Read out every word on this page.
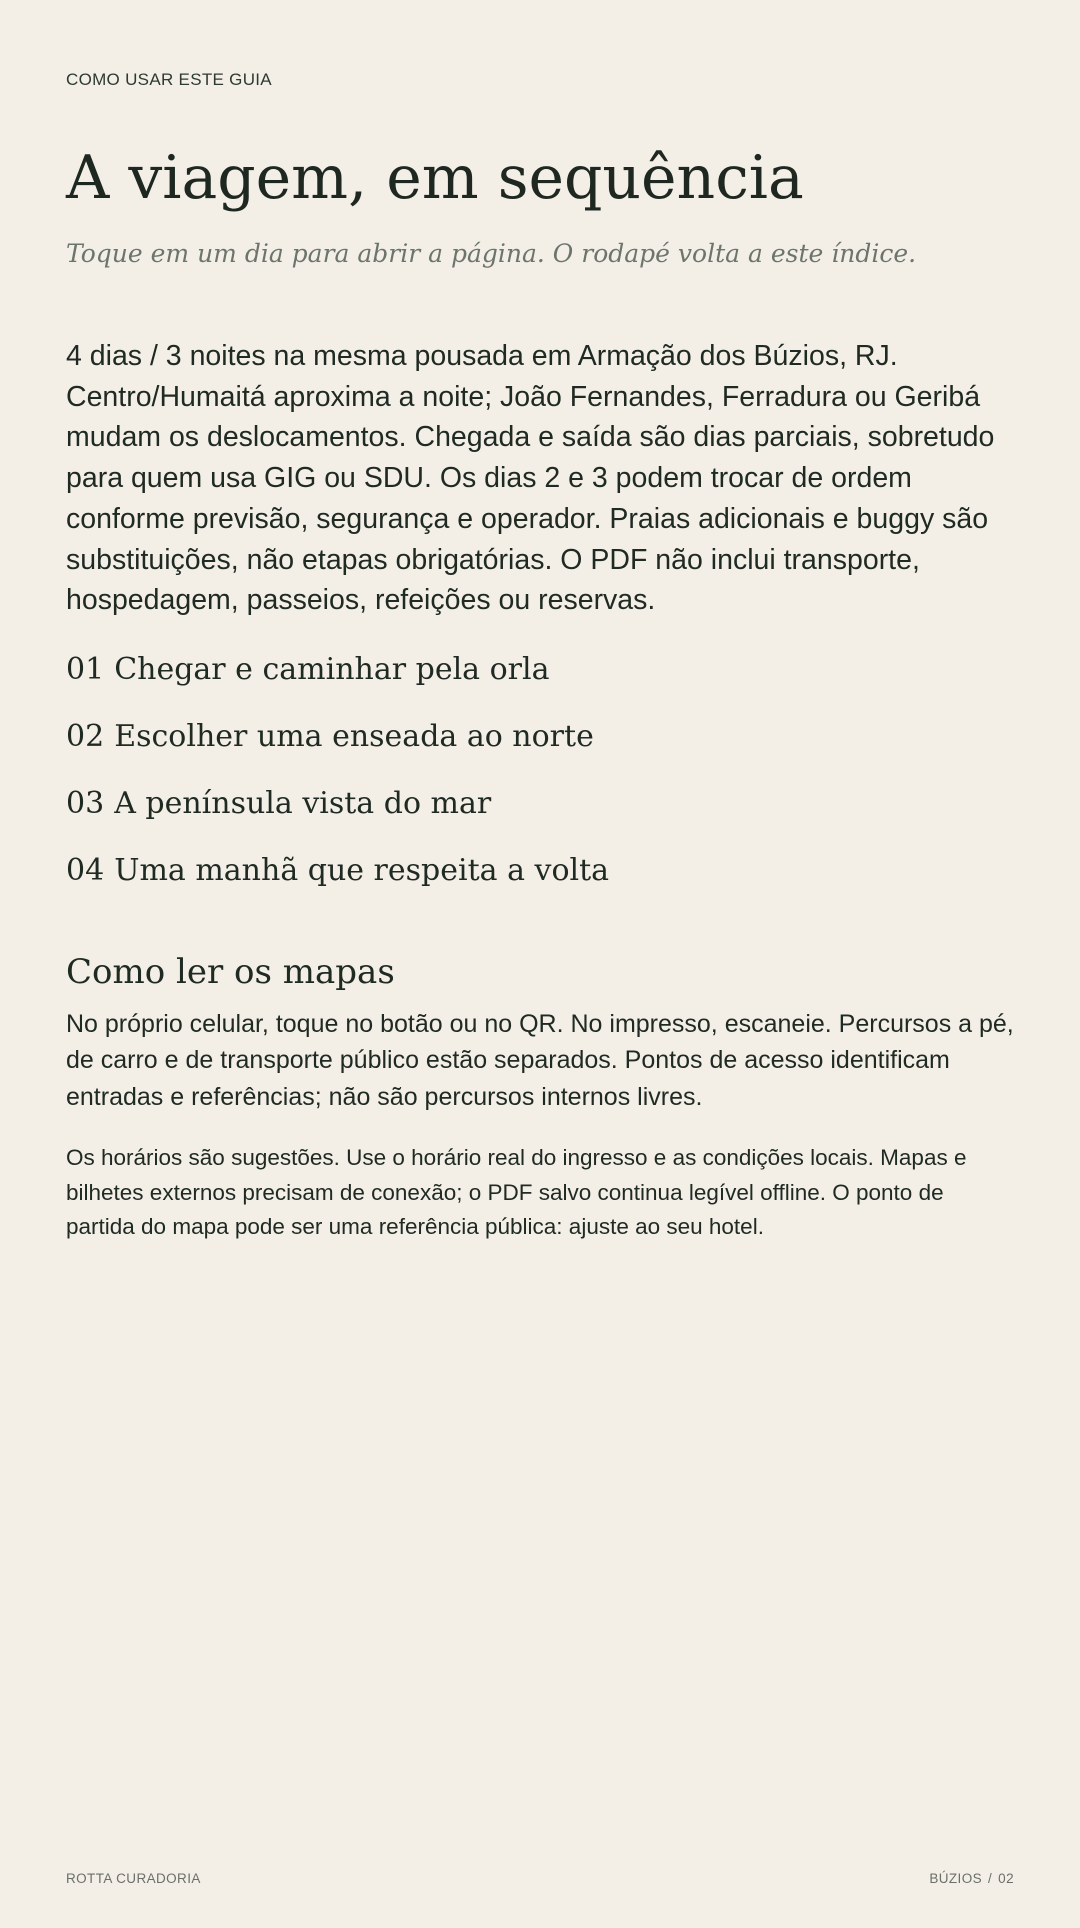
COMO USAR ESTE GUIA
A viagem, em sequência
Toque em um dia para abrir a página. O rodapé volta a este índice.

4 dias / 3 noites na mesma pousada em Armação dos Búzios, RJ. Centro/Humaitá aproxima a noite; João Fernandes, Ferradura ou Geribá mudam os deslocamentos. Chegada e saída são dias parciais, sobretudo para quem usa GIG ou SDU. Os dias 2 e 3 podem trocar de ordem conforme previsão, segurança e operador. Praias adicionais e buggy são substituições, não etapas obrigatórias. O PDF não inclui transporte, hospedagem, passeios, refeições ou reservas.

01 Chegar e caminhar pela orla
02 Escolher uma enseada ao norte
03 A península vista do mar
04 Uma manhã que respeita a volta
Como ler os mapas

No próprio celular, toque no botão ou no QR. No impresso, escaneie. Percursos a pé, de carro e de transporte público estão separados. Pontos de acesso identificam entradas e referências; não são percursos internos livres.

Os horários são sugestões. Use o horário real do ingresso e as condições locais. Mapas e bilhetes externos precisam de conexão; o PDF salvo continua legível offline. O ponto de partida do mapa pode ser uma referência pública: ajuste ao seu hotel.

ROTTA CURADORIA	BÚZIOS / 02
